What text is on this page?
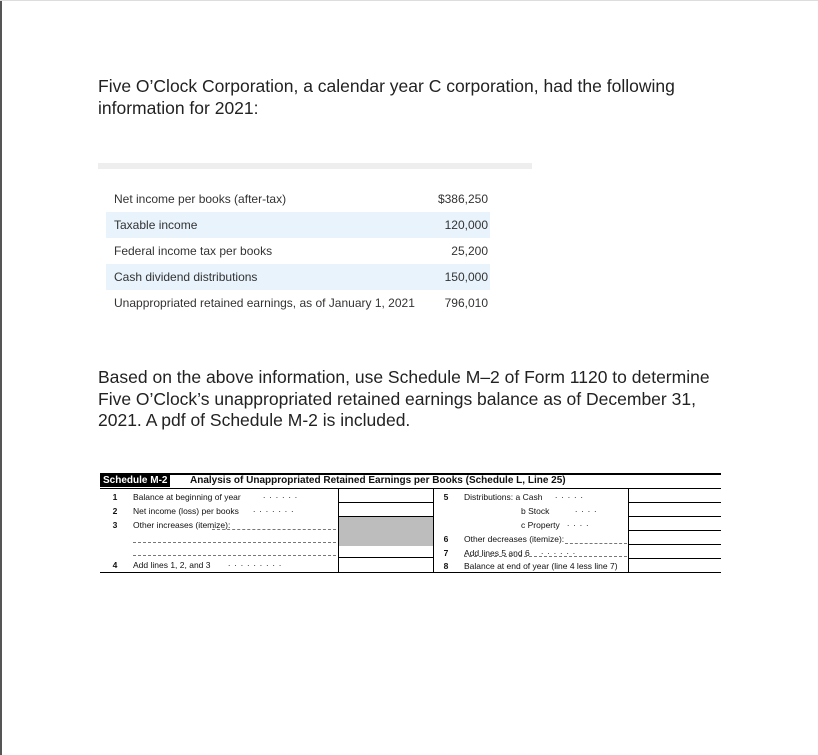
Five O’Clock Corporation, a calendar year C corporation, had the following information for 2021:
Net income per books (after-tax)	$386,250
Taxable income	120,000
Federal income tax per books	25,200
Cash dividend distributions	150,000
Unappropriated retained earnings, as of January 1, 2021 796,010
Based on the above information, use Schedule M–2 of Form 1120 to determine Five O’Clock’s unappropriated retained earnings balance as of December 31, 2021. A pdf of Schedule M-2 is included.
Schedule M-2	Analysis of Unappropriated Retained Earnings per Books (Schedule L, Line 25)
1	Balance at beginning of year	......
2	Net income (loss) per books .......
3	Other increases (itemize):
4	Add lines 1, 2, and 3 .........
5	Distributions: a Cash .....
b Stock	....
c Property ....
6	Other decreases (itemize):
7	Add lines 5 and 6 ......
8	Balance at end of year (line 4 less line 7)
